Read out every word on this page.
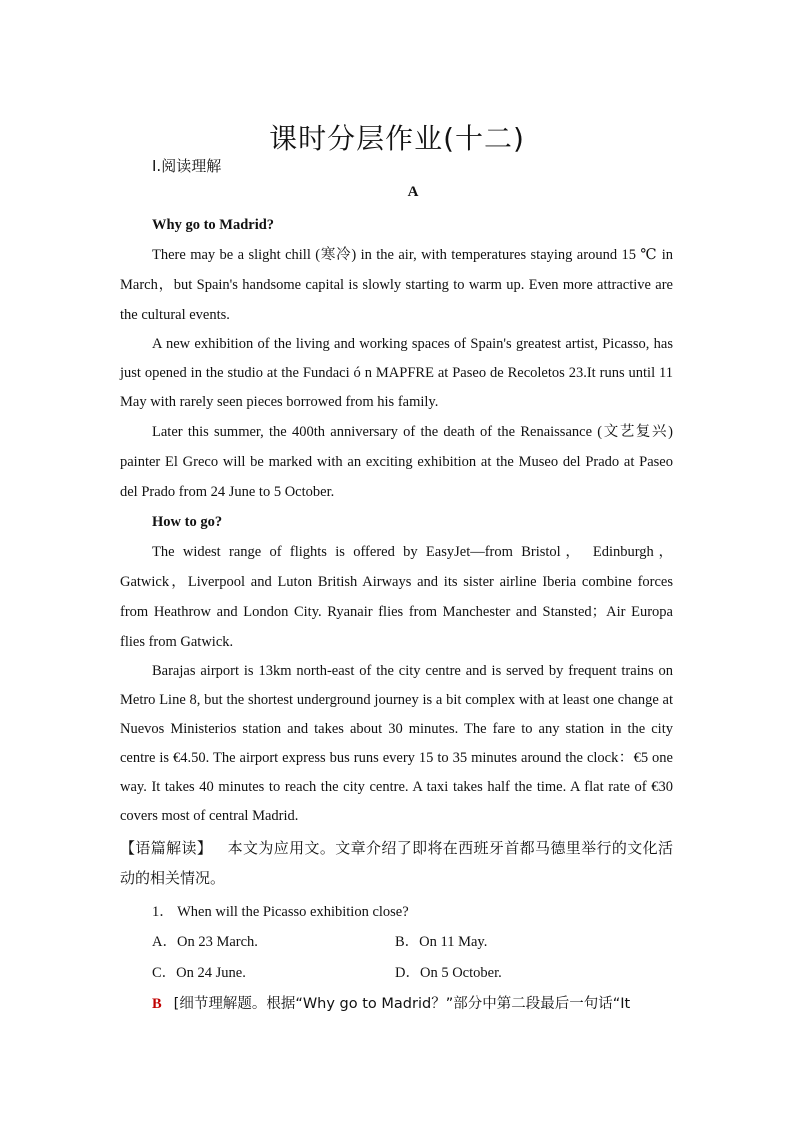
课时分层作业(十二)
Ⅰ.阅读理解
A

Why go to Madrid?

There may be a slight chill (寒冷) in the air, with temperatures staying around 15 ℃ in March，but Spain's handsome capital is slowly starting to warm up. Even more attractive are the cultural events.

A new exhibition of the living and working spaces of Spain's greatest artist, Picasso, has just opened in the studio at the Fundaci ó n MAPFRE at Paseo de Recoletos 23.It runs until 11 May with rarely seen pieces borrowed from his family.

Later this summer, the 400th anniversary of the death of the Renaissance (文艺复兴) painter El Greco will be marked with an exciting exhibition at the Museo del Prado at Paseo del Prado from 24 June to 5 October.

How to go?

The widest range of flights is offered by EasyJet—from Bristol， Edinburgh， Gatwick，Liverpool and Luton British Airways and its sister airline Iberia combine forces from Heathrow and London City. Ryanair flies from Manchester and Stansted；Air Europa flies from Gatwick.

Barajas airport is 13km north-east of the city centre and is served by frequent trains on Metro Line 8, but the shortest underground journey is a bit complex with at least one change at Nuevos Ministerios station and takes about 30 minutes. The fare to any station in the city centre is €4.50. The airport express bus runs every 15 to 35 minutes around the clock：€5 one way. It takes 40 minutes to reach the city centre. A taxi takes half the time. A flat rate of €30 covers most of central Madrid.

【语篇解读】 本文为应用文。文章介绍了即将在西班牙首都马德里举行的文化活动的相关情况。

1． When will the Picasso exhibition close?

A．On 23 March.	B．On 11 May.
C．On 24 June.	D．On 5 October.

B [细节理解题。根据“Why go to Madrid？”部分中第二段最后一句话“It
